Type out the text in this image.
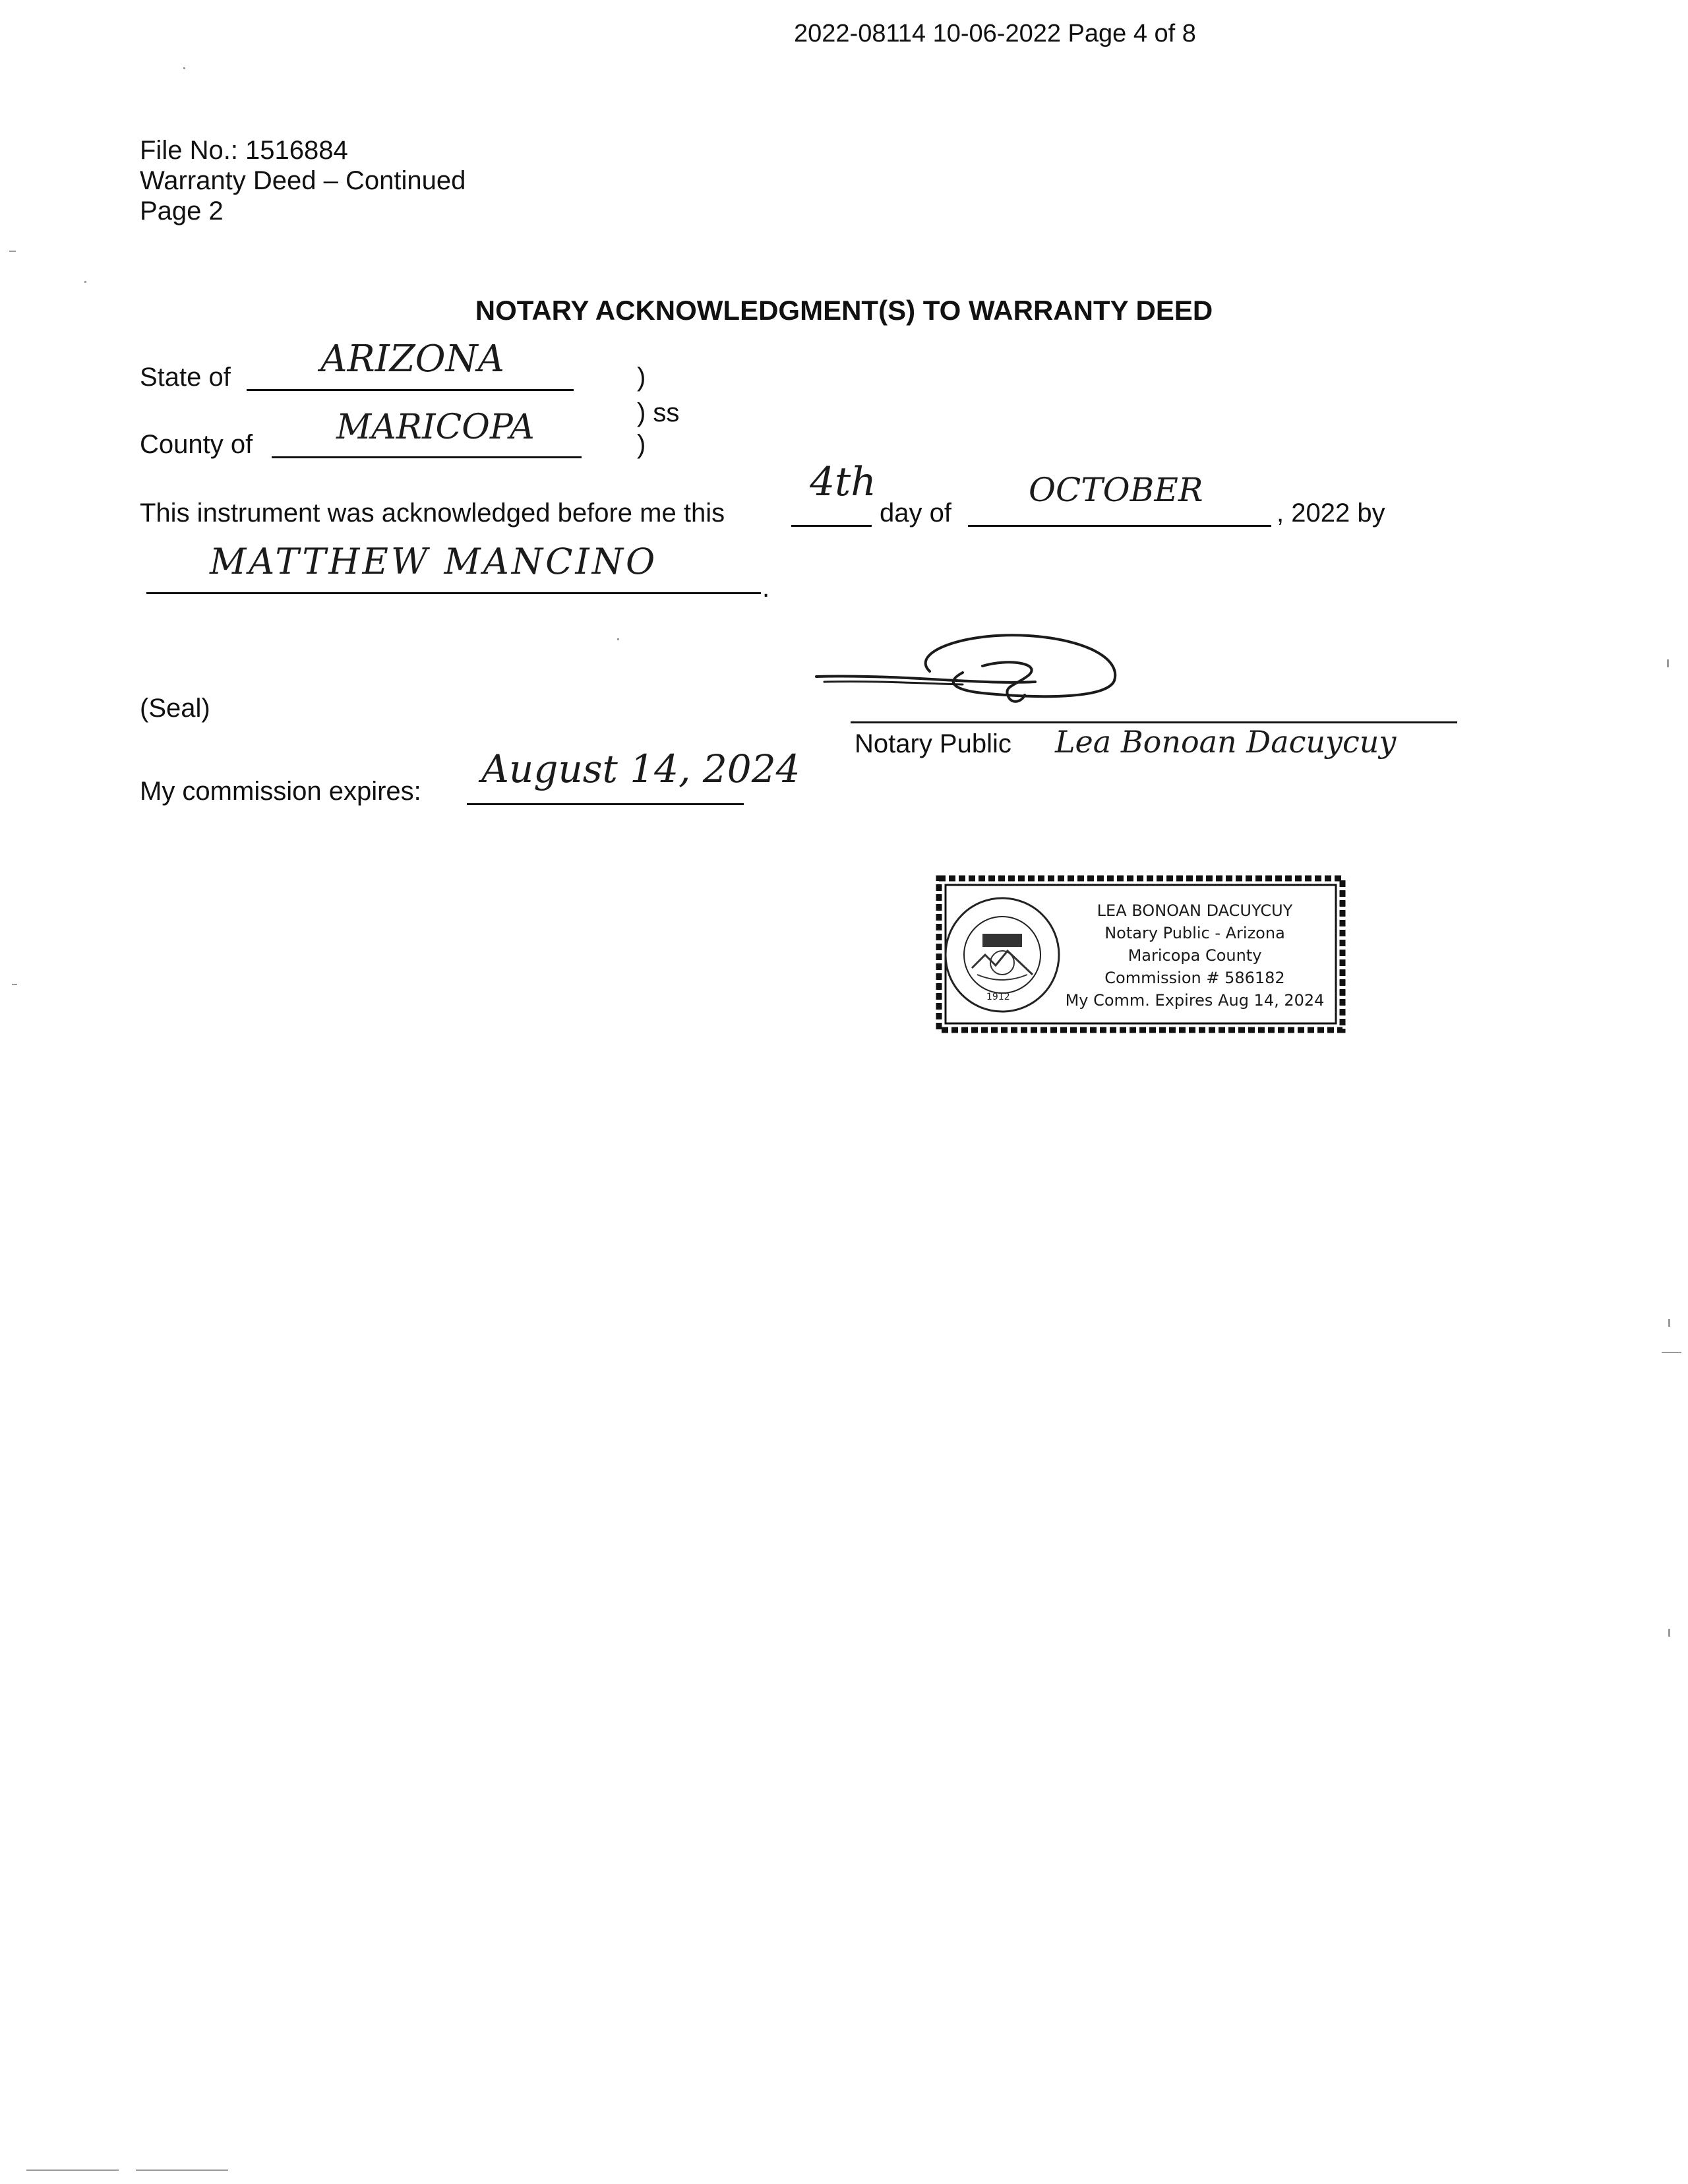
2022-08114 10-06-2022 Page 4 of 8
File No.: 1516884
Warranty Deed – Continued
Page 2
NOTARY ACKNOWLEDGMENT(S) TO WARRANTY DEED
State of ARIZONA
County of MARICOPA
)
) ss
)
This instrument was acknowledged before me this
4th
day of
OCTOBER
, 2022 by
MATTHEW MANCINO
.
(Seal)
Notary Public Lea Bonoan Dacuycuy
My commission expires: August 14, 2024
1912
LEA BONOAN DACUYCUY
Notary Public - Arizona
Maricopa County
Commission # 586182
My Comm. Expires Aug 14, 2024
